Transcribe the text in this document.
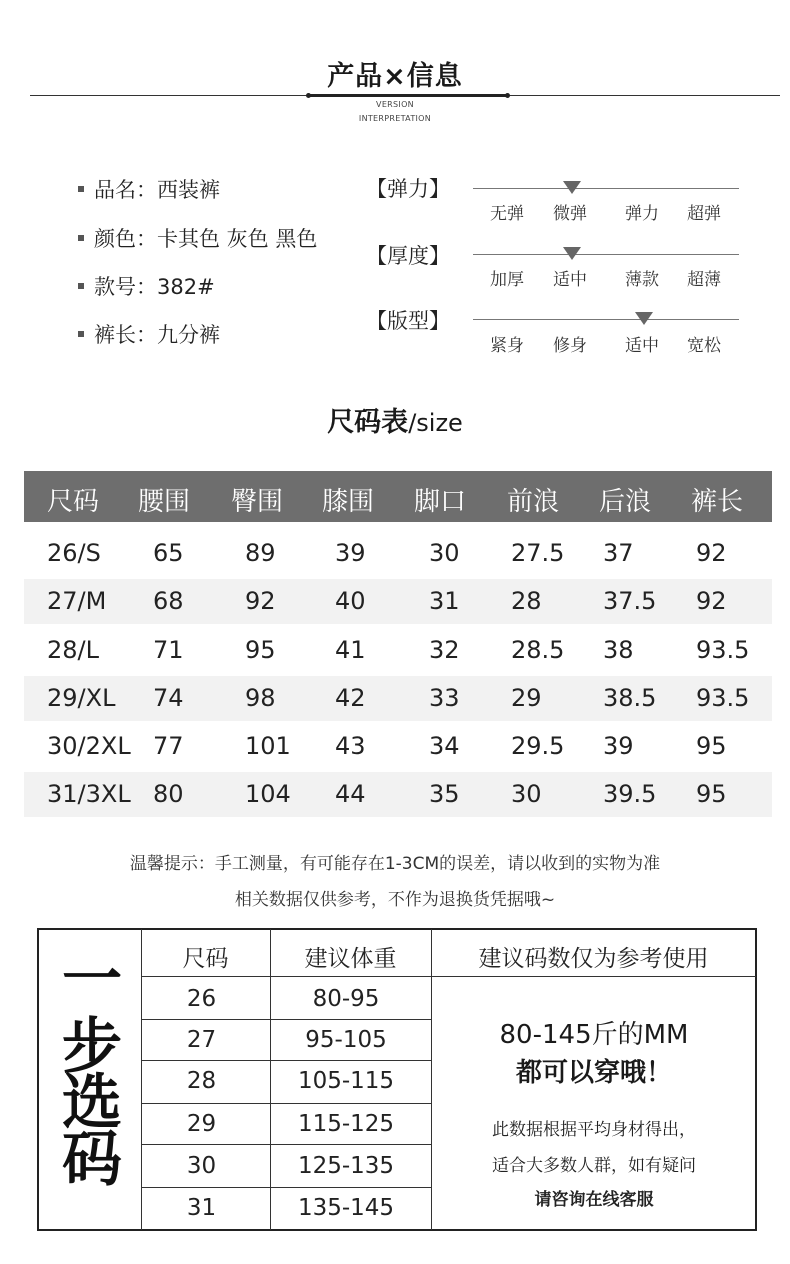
产品×信息
VERSION
INTERPRETATION
品名：西装裤
颜色：卡其色 灰色 黑色
款号：382#
裤长：九分裤
【弹力】
无弹 微弹 弹力 超弹
【厚度】
加厚 适中 薄款 超薄
【版型】
紧身 修身 适中 宽松
尺码表/size
尺码 腰围 臀围 膝围 脚口 前浪 后浪 裤长
26/S 65	89 39	30 27.5 37	92
27/M 68	92 40	31 28	37.5 92
28/L 71	95 41	32 28.5 38	93.5
29/XL 74	98 42	33 29	38.5 93.5
30/2XL 77	101 43	34 29.5 39	95
31/3XL 80	104 44	35 30	39.5 95
温馨提示：手工测量，有可能存在1-3CM的误差，请以收到的实物为准
相关数据仅供参考，不作为退换货凭据哦~
一
步
选
码
尺码	建议体重	建议码数仅为参考使用
26	80-95
27	95-105
28	105-115
29	115-125
30	125-135
31	135-145
80-145斤的MM
都可以穿哦！
此数据根据平均身材得出，
适合大多数人群，如有疑问
请咨询在线客服
